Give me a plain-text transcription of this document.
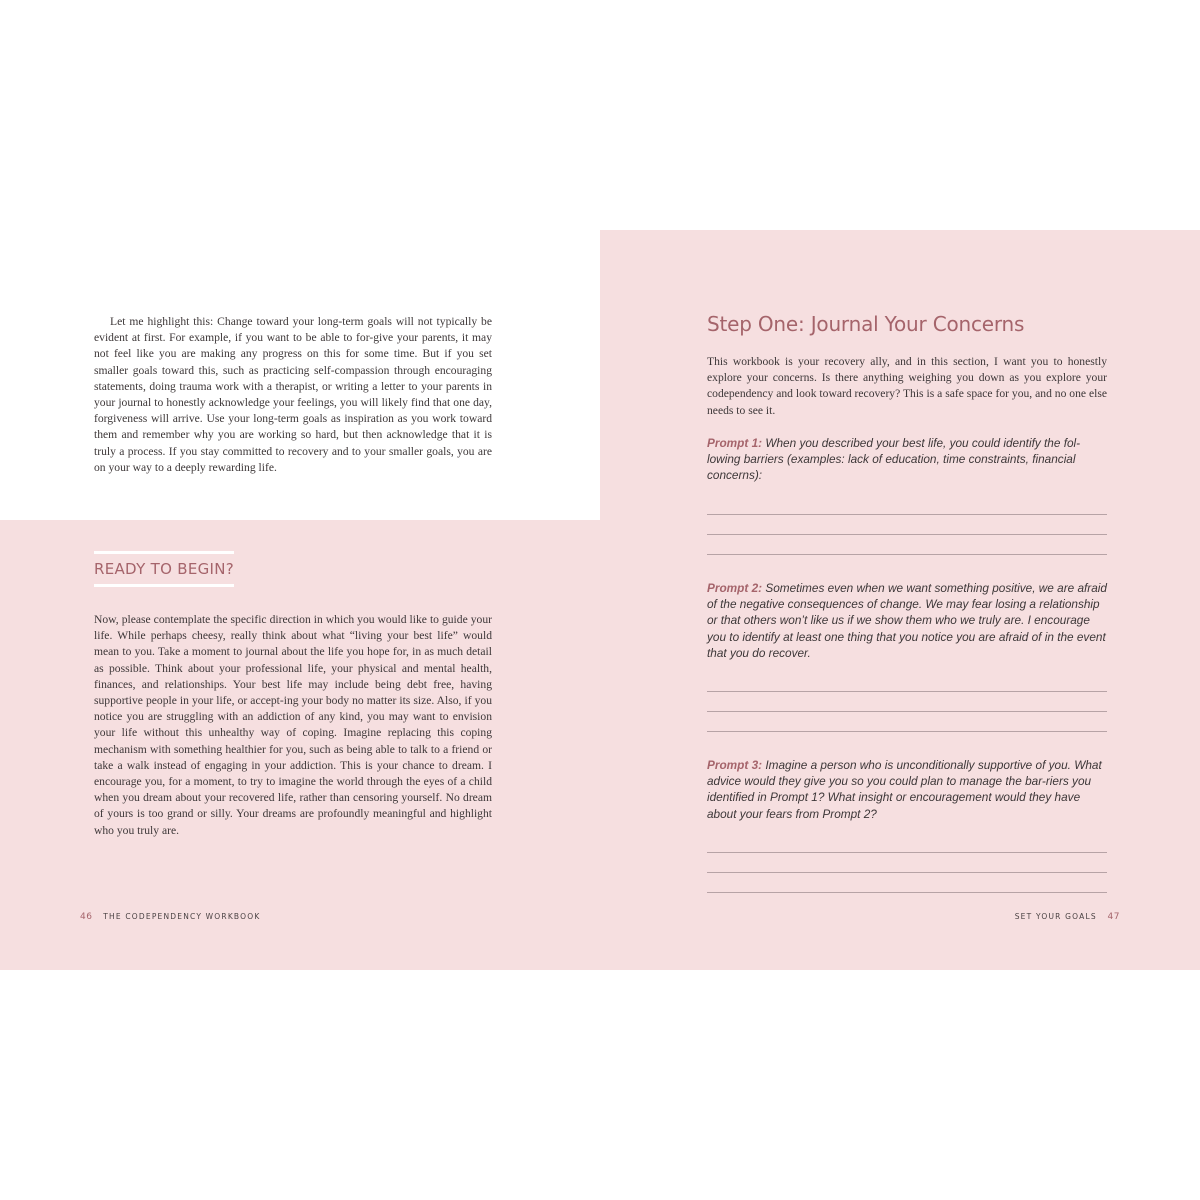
Let me highlight this: Change toward your long-term goals will not typically be evident at first. For example, if you want to be able to for-give your parents, it may not feel like you are making any progress on this for some time. But if you set smaller goals toward this, such as practicing self-compassion through encouraging statements, doing trauma work with a therapist, or writing a letter to your parents in your journal to honestly acknowledge your feelings, you will likely find that one day, forgiveness will arrive. Use your long-term goals as inspiration as you work toward them and remember why you are working so hard, but then acknowledge that it is truly a process. If you stay committed to recovery and to your smaller goals, you are on your way to a deeply rewarding life.

READY TO BEGIN?

Now, please contemplate the specific direction in which you would like to guide your life. While perhaps cheesy, really think about what “living your best life” would mean to you. Take a moment to journal about the life you hope for, in as much detail as possible. Think about your professional life, your physical and mental health, finances, and relationships. Your best life may include being debt free, having supportive people in your life, or accept-ing your body no matter its size. Also, if you notice you are struggling with an addiction of any kind, you may want to envision your life without this unhealthy way of coping. Imagine replacing this coping mechanism with something healthier for you, such as being able to talk to a friend or take a walk instead of engaging in your addiction. This is your chance to dream. I encourage you, for a moment, to try to imagine the world through the eyes of a child when you dream about your recovered life, rather than censoring yourself. No dream of yours is too grand or silly. Your dreams are profoundly meaningful and highlight who you truly are.

46 THE CODEPENDENCY WORKBOOK
Step One: Journal Your Concerns

This workbook is your recovery ally, and in this section, I want you to honestly explore your concerns. Is there anything weighing you down as you explore your codependency and look toward recovery? This is a safe space for you, and no one else needs to see it.

Prompt 1: When you described your best life, you could identify the fol-lowing barriers (examples: lack of education, time constraints, financial concerns):

Prompt 2: Sometimes even when we want something positive, we are afraid of the negative consequences of change. We may fear losing a relationship or that others won’t like us if we show them who we truly are. I encourage you to identify at least one thing that you notice you are afraid of in the event that you do recover.

Prompt 3: Imagine a person who is unconditionally supportive of you. What advice would they give you so you could plan to manage the bar-riers you identified in Prompt 1? What insight or encouragement would they have about your fears from Prompt 2?

SET YOUR GOALS 47
